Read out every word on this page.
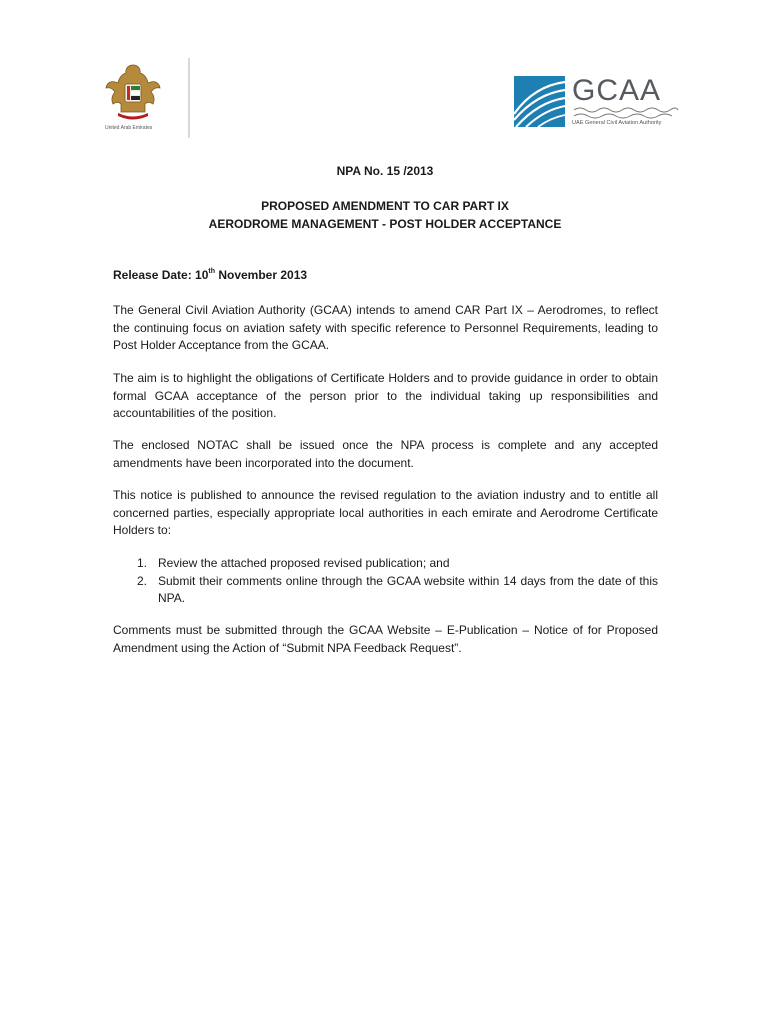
United Arab Emirates
GCAA
UAE General Civil Aviation Authority
NPA No. 15 /2013
PROPOSED AMENDMENT TO CAR PART IX
AERODROME MANAGEMENT - POST HOLDER ACCEPTANCE
Release Date: 10th November 2013
The General Civil Aviation Authority (GCAA) intends to amend CAR Part IX – Aerodromes, to reflect the continuing focus on aviation safety with specific reference to Personnel Requirements, leading to Post Holder Acceptance from the GCAA.
The aim is to highlight the obligations of Certificate Holders and to provide guidance in order to obtain formal GCAA acceptance of the person prior to the individual taking up responsibilities and accountabilities of the position.
The enclosed NOTAC shall be issued once the NPA process is complete and any accepted amendments have been incorporated into the document.
This notice is published to announce the revised regulation to the aviation industry and to entitle all concerned parties, especially appropriate local authorities in each emirate and Aerodrome Certificate Holders to:
1. Review the attached proposed revised publication; and
2. Submit their comments online through the GCAA website within 14 days from the date of this NPA.
Comments must be submitted through the GCAA Website – E-Publication – Notice of for Proposed Amendment using the Action of “Submit NPA Feedback Request”.
